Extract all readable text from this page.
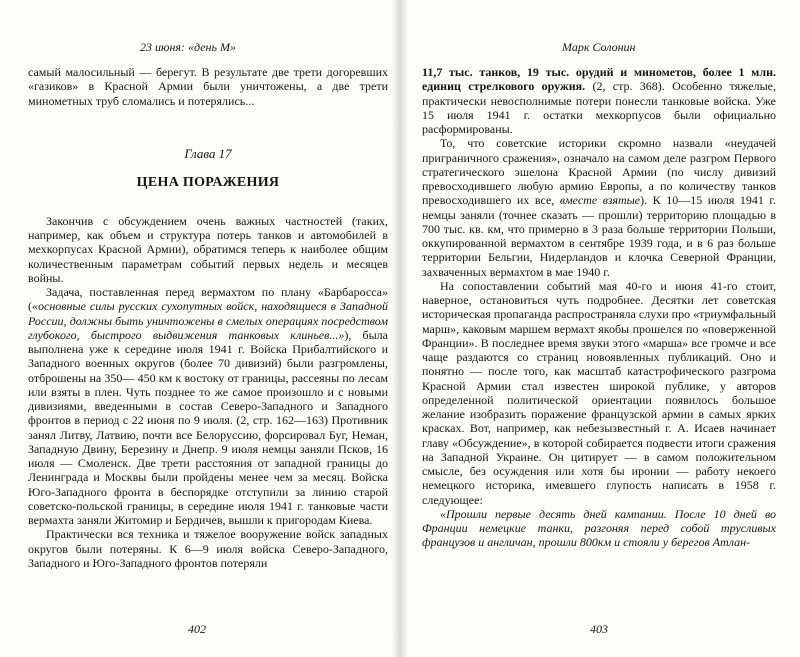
23 июня: «день М»

самый малосильный — берегут. В результате две трети догоревших «газиков» в Красной Армии были уничтожены, а две трети минометных труб сломались и потерялись...

Глава 17
ЦЕНА ПОРАЖЕНИЯ

Закончив с обсуждением очень важных частностей (таких, например, как объем и структура потерь танков и автомобилей в мехкорпусах Красной Армии), обратимся теперь к наиболее общим количественным параметрам событий первых недель и месяцев войны.

Задача, поставленная перед вермахтом по плану «Барбаросса» («основные силы русских сухопутных войск, находящиеся в Западной России, должны быть уничтожены в смелых операциях посредством глубокого, быстрого выдвижения танковых клиньев...»), была выполнена уже к середине июля 1941 г. Войска Прибалтийского и Западного военных округов (более 70 дивизий) были разгромлены, отброшены на 350— 450 км к востоку от границы, рассеяны по лесам или взяты в плен. Чуть позднее то же самое произошло и с новыми дивизиями, введенными в состав Северо-Западного и Западного фронтов в период с 22 июня по 9 июля. (2, стр. 162—163) Противник занял Литву, Латвию, почти все Белоруссию, форсировал Буг, Неман, Западную Двину, Березину и Днепр. 9 июля немцы заняли Псков, 16 июля — Смоленск. Две трети расстояния от западной границы до Ленинграда и Москвы были пройдены менее чем за месяц. Войска Юго-Западного фронта в беспорядке отступили за линию старой советско-польской границы, в середине июля 1941 г. танковые части вермахта заняли Житомир и Бердичев, вышли к пригородам Киева.

Практически вся техника и тяжелое вооружение войск западных округов были потеряны. К 6—9 июля войска Северо-Западного, Западного и Юго-Западного фронтов потеряли

402
Марк Солонин

11,7 тыс. танков, 19 тыс. орудий и минометов, более 1 млн. единиц стрелкового оружия. (2, стр. 368). Особенно тяжелые, практически невосполнимые потери понесли танковые войска. Уже 15 июля 1941 г. остатки мехкорпусов были официально расформированы.

То, что советские историки скромно назвали «неудачей приграничного сражения», означало на самом деле разгром Первого стратегического эшелона Красной Армии (по числу дивизий превосходившего любую армию Европы, а по количеству танков превосходившего их все, вместе взятые). К 10—15 июля 1941 г. немцы заняли (точнее сказать — прошли) территорию площадью в 700 тыс. кв. км, что примерно в 3 раза больше территории Польши, оккупированной вермахтом в сентябре 1939 года, и в 6 раз больше территории Бельгии, Нидерландов и клочка Северной Франции, захваченных вермахтом в мае 1940 г.

На сопоставлении событий мая 40-го и июня 41-го стоит, наверное, остановиться чуть подробнее. Десятки лет советская историческая пропаганда распространяла слухи про «триумфальный марш», каковым маршем вермахт якобы прошелся по «поверженной Франции». В последнее время звуки этого «марша» все громче и все чаще раздаются со страниц новоявленных публикаций. Оно и понятно — после того, как масштаб катастрофического разгрома Красной Армии стал известен широкой публике, у авторов определенной политической ориентации появилось большое желание изобразить поражение французской армии в самых ярких красках. Вот, например, как небезызвестный г. А. Исаев начинает главу «Обсуждение», в которой собирается подвести итоги сражения на Западной Украине. Он цитирует — в самом положительном смысле, без осуждения или хотя бы иронии — работу некоего немецкого историка, имевшего глупость написать в 1958 г. следующее:

«Прошли первые десять дней кампании. После 10 дней во Франции немецкие танки, разгоняя перед собой трусливых французов и англичан, прошли 800км и стояли у берегов Атлан-

403
